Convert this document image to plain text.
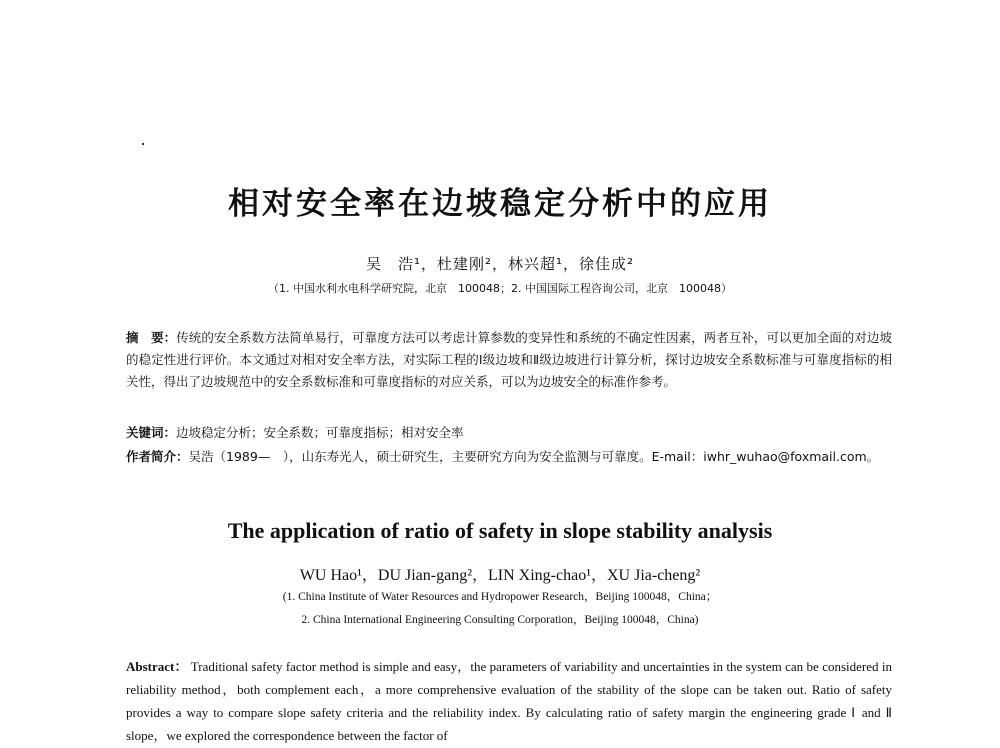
相对安全率在边坡稳定分析中的应用
吴　浩¹，杜建刚²，林兴超¹，徐佳成²
（1. 中国水利水电科学研究院，北京　100048；2. 中国国际工程咨询公司，北京　100048）
摘　要：传统的安全系数方法简单易行，可靠度方法可以考虑计算参数的变异性和系统的不确定性因素，两者互补，可以更加全面的对边坡的稳定性进行评价。本文通过对相对安全率方法，对实际工程的Ⅰ级边坡和Ⅱ级边坡进行计算分析，探讨边坡安全系数标准与可靠度指标的相关性，得出了边坡规范中的安全系数标准和可靠度指标的对应关系，可以为边坡安全的标准作参考。
关键词：边坡稳定分析；安全系数；可靠度指标；相对安全率
作者简介：吴浩（1989—　），山东寿光人，硕士研究生，主要研究方向为安全监测与可靠度。E-mail：iwhr_wuhao@foxmail.com。
The application of ratio of safety in slope stability analysis
WU Hao¹，DU Jian-gang²，LIN Xing-chao¹，XU Jia-cheng²
(1. China Institute of Water Resources and Hydropower Research，Beijing 100048，China；
2. China International Engineering Consulting Corporation，Beijing 100048，China)
Abstract： Traditional safety factor method is simple and easy，the parameters of variability and uncertainties in the system can be considered in reliability method，both complement each，a more comprehensive evaluation of the stability of the slope can be taken out. Ratio of safety provides a way to compare slope safety criteria and the reliability index. By calculating ratio of safety margin the engineering grade Ⅰ and Ⅱ slope，we explored the correspondence between the factor of
